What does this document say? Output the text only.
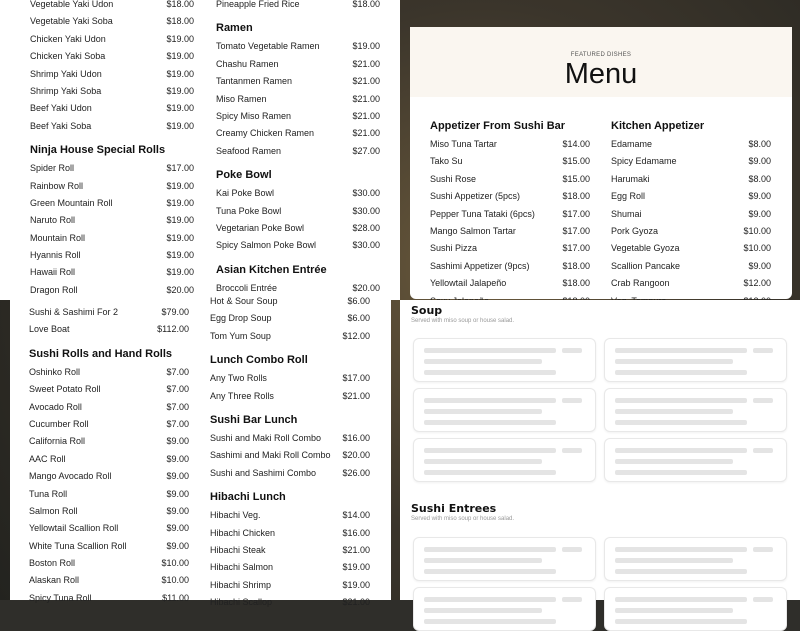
Vegetable Yaki Udon	$18.00
Vegetable Yaki Soba	$18.00
Chicken Yaki Udon	$19.00
Chicken Yaki Soba	$19.00
Shrimp Yaki Udon	$19.00
Shrimp Yaki Soba	$19.00
Beef Yaki Udon	$19.00
Beef Yaki Soba	$19.00
Ninja House Special Rolls
Spider Roll	$17.00
Rainbow Roll	$19.00
Green Mountain Roll	$19.00
Naruto Roll	$19.00
Mountain Roll	$19.00
Hyannis Roll	$19.00
Hawaii Roll	$19.00
Dragon Roll	$20.00
Pineapple Fried Rice	$18.00
Ramen
Tomato Vegetable Ramen	$19.00
Chashu Ramen	$21.00
Tantanmen Ramen	$21.00
Miso Ramen	$21.00
Spicy Miso Ramen	$21.00
Creamy Chicken Ramen	$21.00
Seafood Ramen	$27.00
Poke Bowl
Kai Poke Bowl	$30.00
Tuna Poke Bowl	$30.00
Vegetarian Poke Bowl	$28.00
Spicy Salmon Poke Bowl	$30.00
Asian Kitchen Entrée
Broccoli Entrée	$20.00
FEATURED DISHES
Menu
Appetizer From Sushi Bar
Miso Tuna Tartar	$14.00
Tako Su	$15.00
Sushi Rose	$15.00
Sushi Appetizer (5pcs)	$18.00
Pepper Tuna Tataki (6pcs)	$17.00
Mango Salmon Tartar	$17.00
Sushi Pizza	$17.00
Sashimi Appetizer (9pcs)	$18.00
Yellowtail Jalapeño	$18.00
Kitchen Appetizer
Edamame	$8.00
Spicy Edamame	$9.00
Harumaki	$8.00
Egg Roll	$9.00
Shumai	$9.00
Pork Gyoza	$10.00
Vegetable Gyoza	$10.00
Scallion Pancake	$9.00
Crab Rangoon	$12.00
Sushi & Sashimi For 2	$79.00
Love Boat	$112.00
Sushi Rolls and Hand Rolls
Oshinko Roll	$7.00
Sweet Potato Roll	$7.00
Avocado Roll	$7.00
Cucumber Roll	$7.00
California Roll	$9.00
AAC Roll	$9.00
Mango Avocado Roll	$9.00
Tuna Roll	$9.00
Salmon Roll	$9.00
Yellowtail Scallion Roll	$9.00
White Tuna Scallion Roll	$9.00
Boston Roll	$10.00
Alaskan Roll	$10.00
Spicy Tuna Roll	$11.00
Hot & Sour Soup	$6.00
Egg Drop Soup	$6.00
Tom Yum Soup	$12.00
Lunch Combo Roll
Any Two Rolls	$17.00
Any Three Rolls	$21.00
Sushi Bar Lunch
Sushi and Maki Roll Combo $16.00
Sashimi and Maki Roll Combo $20.00
Sushi and Sashimi Combo	$26.00
Hibachi Lunch
Hibachi Veg.	$14.00
Hibachi Chicken	$16.00
Hibachi Steak	$21.00
Hibachi Salmon	$19.00
Hibachi Shrimp	$19.00
Hibachi Scallop	$21.00
Soup
Served with miso soup or house salad.
Sushi Entrees
Served with miso soup or house salad.
